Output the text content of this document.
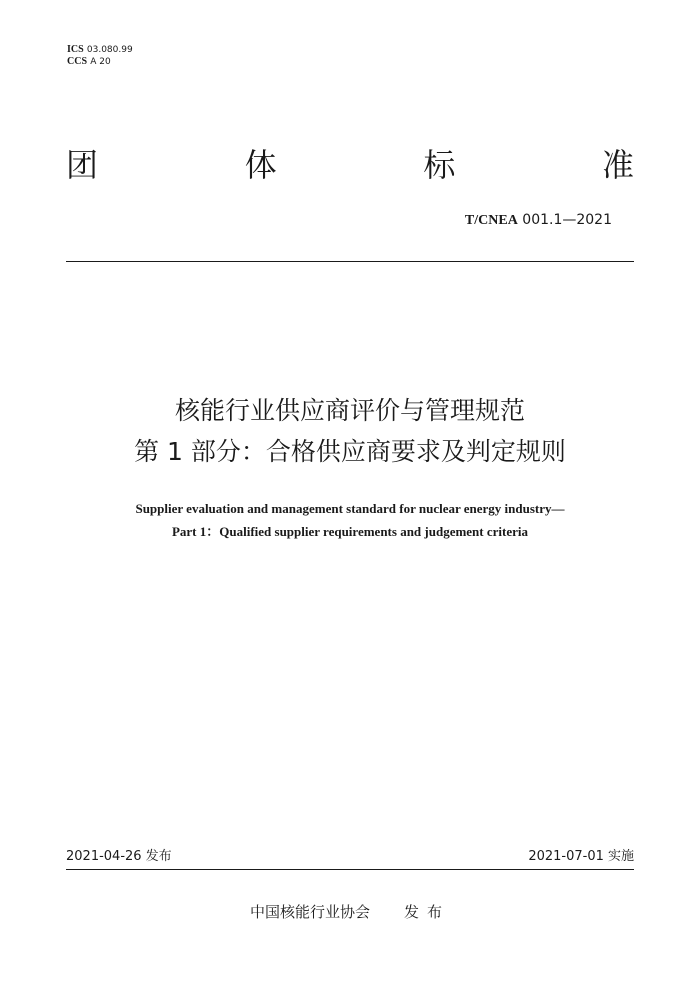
ICS 03.080.99
CCS A 20
团	体	标	准
T/CNEA 001.1—2021
核能行业供应商评价与管理规范
第 1 部分：合格供应商要求及判定规则
Supplier evaluation and management standard for nuclear energy industry—
Part 1：Qualified supplier requirements and judgement criteria
2021-04-26 发布	2021-07-01 实施
中国核能行业协会 发布
